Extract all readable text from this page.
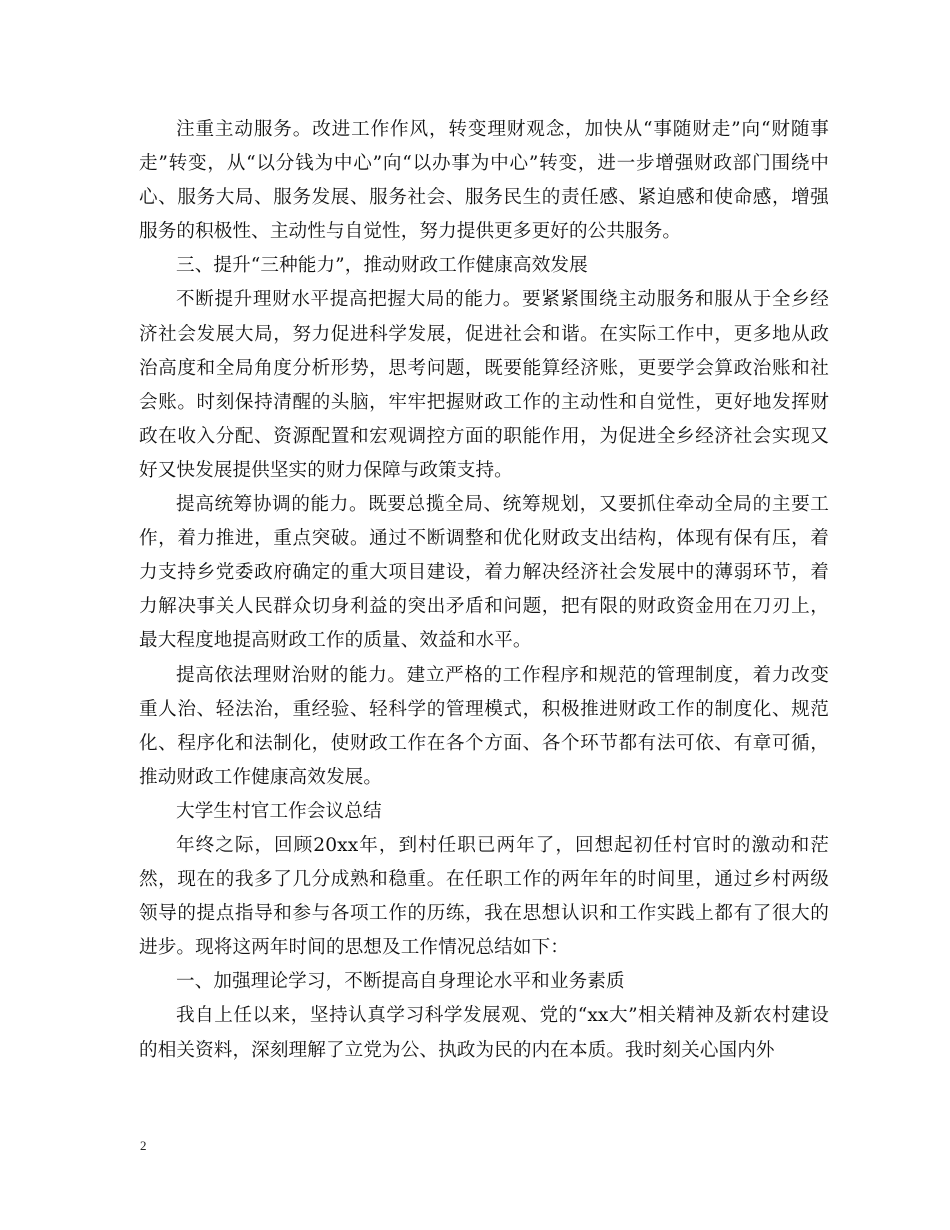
注重主动服务。改进工作作风，转变理财观念，加快从“事随财走”向“财随事走”转变，从“以分钱为中心”向“以办事为中心”转变，进一步增强财政部门围绕中心、服务大局、服务发展、服务社会、服务民生的责任感、紧迫感和使命感，增强服务的积极性、主动性与自觉性，努力提供更多更好的公共服务。

三、提升“三种能力”，推动财政工作健康高效发展

不断提升理财水平提高把握大局的能力。要紧紧围绕主动服务和服从于全乡经济社会发展大局，努力促进科学发展，促进社会和谐。在实际工作中，更多地从政治高度和全局角度分析形势，思考问题，既要能算经济账，更要学会算政治账和社会账。时刻保持清醒的头脑，牢牢把握财政工作的主动性和自觉性，更好地发挥财政在收入分配、资源配置和宏观调控方面的职能作用，为促进全乡经济社会实现又好又快发展提供坚实的财力保障与政策支持。

提高统筹协调的能力。既要总揽全局、统筹规划，又要抓住牵动全局的主要工作，着力推进，重点突破。通过不断调整和优化财政支出结构，体现有保有压，着力支持乡党委政府确定的重大项目建设，着力解决经济社会发展中的薄弱环节，着力解决事关人民群众切身利益的突出矛盾和问题，把有限的财政资金用在刀刃上，最大程度地提高财政工作的质量、效益和水平。

提高依法理财治财的能力。建立严格的工作程序和规范的管理制度，着力改变重人治、轻法治，重经验、轻科学的管理模式，积极推进财政工作的制度化、规范化、程序化和法制化，使财政工作在各个方面、各个环节都有法可依、有章可循，推动财政工作健康高效发展。

大学生村官工作会议总结

年终之际，回顾20xx年，到村任职已两年了，回想起初任村官时的激动和茫然，现在的我多了几分成熟和稳重。在任职工作的两年年的时间里，通过乡村两级领导的提点指导和参与各项工作的历练，我在思想认识和工作实践上都有了很大的进步。现将这两年时间的思想及工作情况总结如下：

一、加强理论学习，不断提高自身理论水平和业务素质

我自上任以来，坚持认真学习科学发展观、党的“xx大”相关精神及新农村建设的相关资料，深刻理解了立党为公、执政为民的内在本质。我时刻关心国内外

2
